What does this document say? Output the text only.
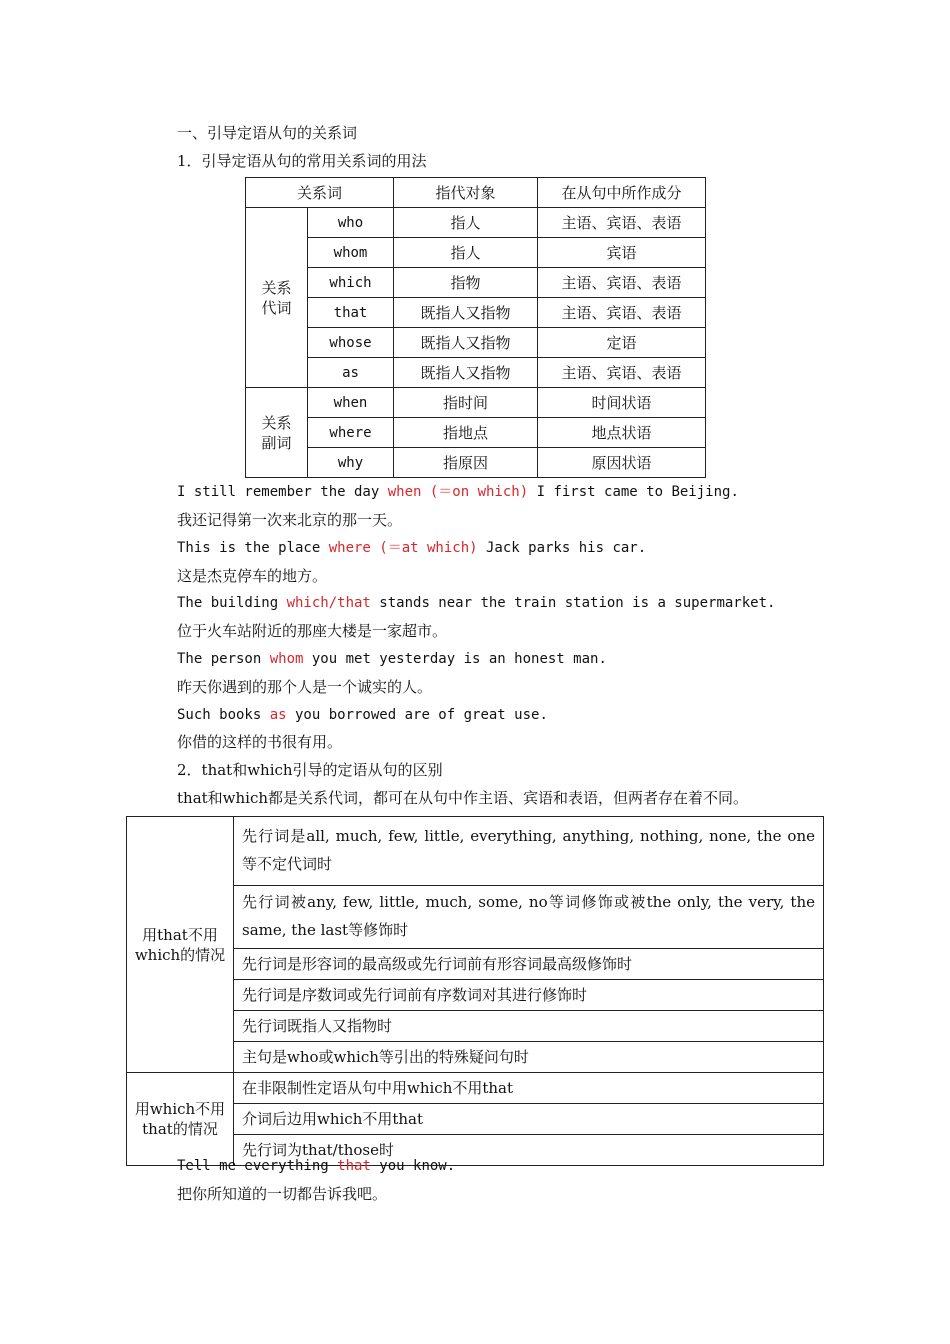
一、引导定语从句的关系词
1．引导定语从句的常用关系词的用法
关系词		指代对象	在从句中所作成分
关系
代词	who	指人	主语、宾语、表语
	whom	指人	宾语
	which	指物	主语、宾语、表语
	that	既指人又指物	主语、宾语、表语
	whose	既指人又指物	定语
	as	既指人又指物	主语、宾语、表语
关系
副词	when	指时间	时间状语
	where	指地点	地点状语
	why	指原因	原因状语
I still remember the day when (＝on which) I first came to Beijing.
我还记得第一次来北京的那一天。
This is the place where (＝at which) Jack parks his car.
这是杰克停车的地方。
The building which/that stands near the train station is a supermarket.
位于火车站附近的那座大楼是一家超市。
The person whom you met yesterday is an honest man.
昨天你遇到的那个人是一个诚实的人。
Such books as you borrowed are of great use.
你借的这样的书很有用。
2．that和which引导的定语从句的区别
that和which都是关系代词，都可在从句中作主语、宾语和表语，但两者存在着不同。
用that不用which的情况	先行词是all, much, few, little, everything, anything, nothing, none, the one等不定代词时
	先行词被any, few, little, much, some, no等词修饰或被the only, the very, the same, the last等修饰时
	先行词是形容词的最高级或先行词前有形容词最高级修饰时
	先行词是序数词或先行词前有序数词对其进行修饰时
	先行词既指人又指物时
	主句是who或which等引出的特殊疑问句时
用which不用that的情况	在非限制性定语从句中用which不用that
	介词后边用which不用that
	先行词为that/those时
Tell me everything that you know.
把你所知道的一切都告诉我吧。
